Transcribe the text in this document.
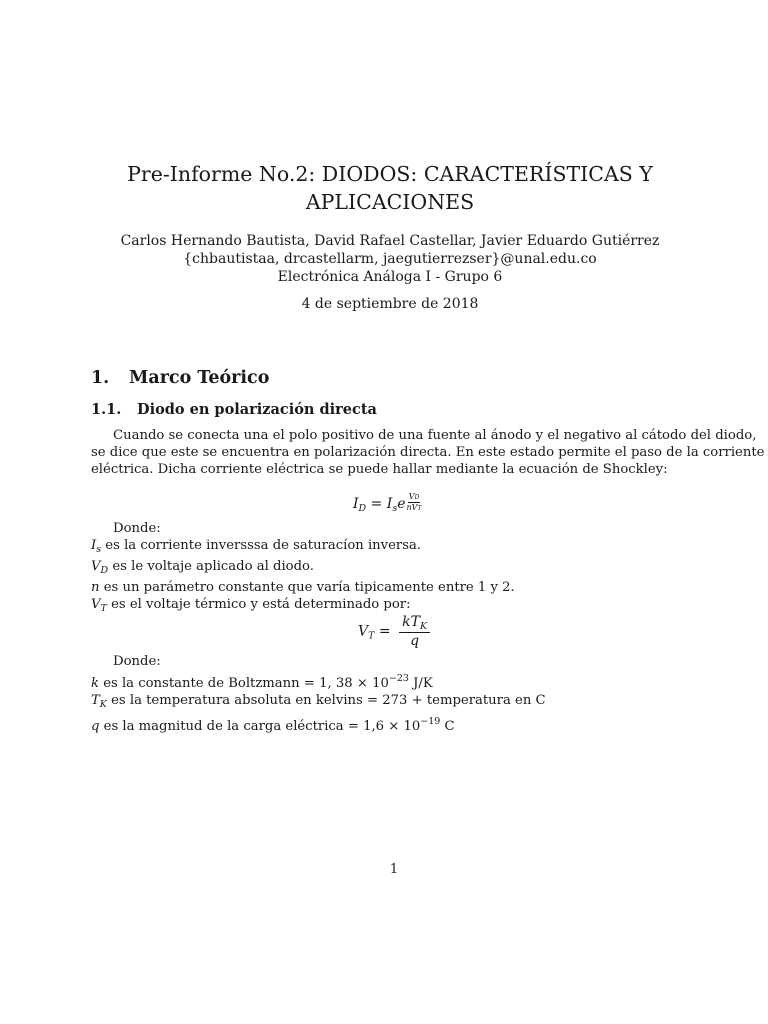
Pre-Informe No.2: DIODOS: CARACTERÍSTICAS Y
APLICACIONES
Carlos Hernando Bautista, David Rafael Castellar, Javier Eduardo Gutiérrez
{chbautistaa, drcastellarm, jaegutierrezser}@unal.edu.co
Electrónica Análoga I - Grupo 6
4 de septiembre de 2018
1. Marco Teórico
1.1. Diodo en polarización directa
Cuando se conecta una el polo positivo de una fuente al ánodo y el negativo al cátodo del diodo,
se dice que este se encuentra en polarización directa. En este estado permite el paso de la corriente
eléctrica. Dicha corriente eléctrica se puede hallar mediante la ecuación de Shockley:
$I_D = I_se$ VD
nVT
Donde:
$I_s$ es la corriente inversssa de saturacíon inversa.
$V_D$ es le voltaje aplicado al diodo.
n es un parámetro constante que varía tipicamente entre 1 y 2.
$V_T$ es el voltaje térmico y está determinado por:
$V_T = \frac{kT_K}{q}$
Donde:
k es la constante de Boltzmann = 1, $38 \times 10^{-23}$ J/K
$T_K$ es la temperatura absoluta en kelvins = 273 + temperatura en C
q es la magnitud de la carga eléctrica = $1,6 \times 10^{-19}$ C
1
